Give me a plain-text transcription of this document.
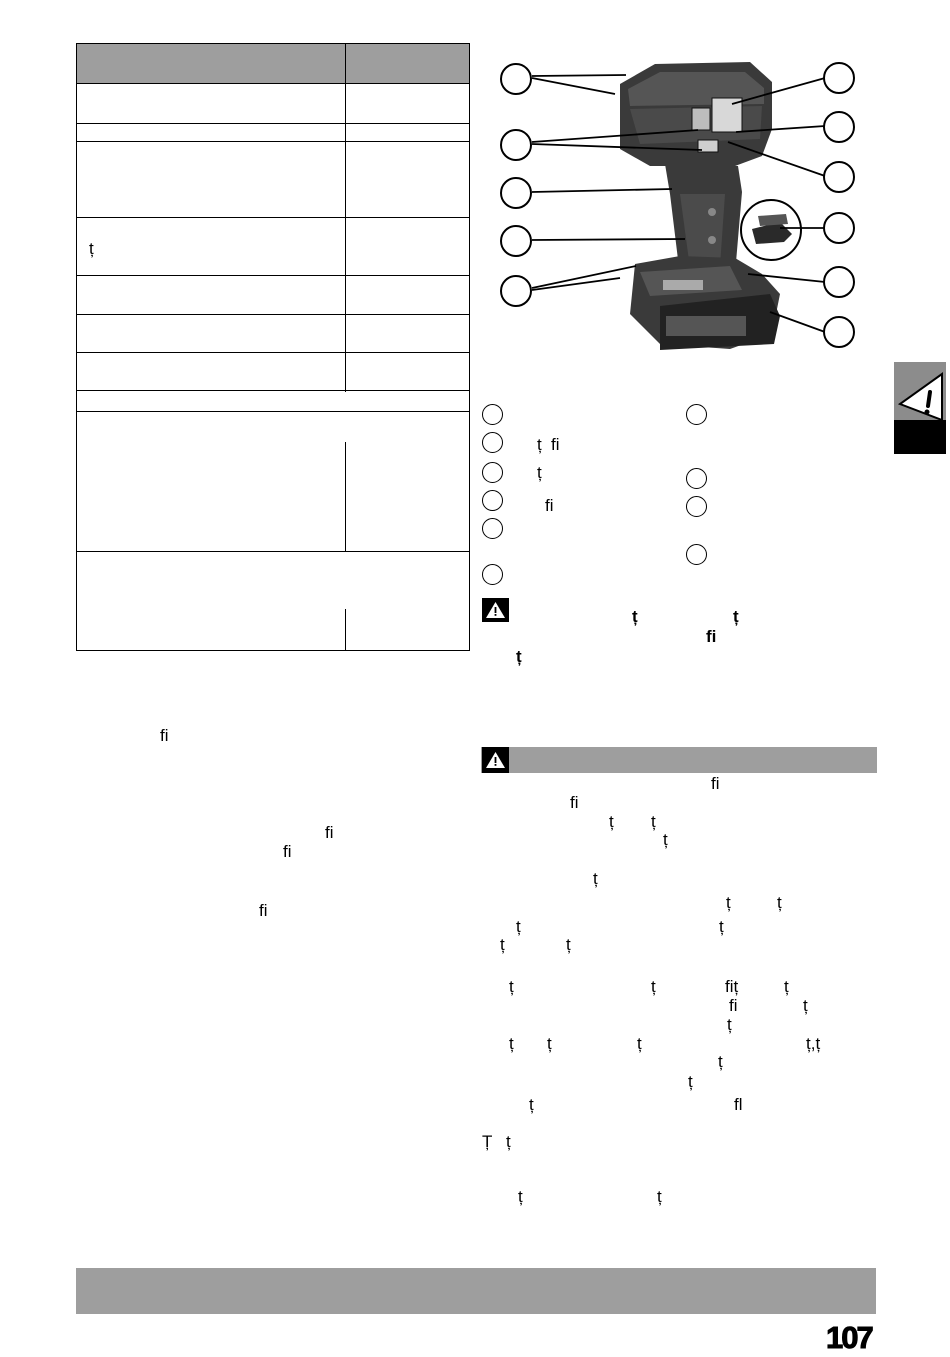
ț
ț ﬁ
ț
ﬁ
ț	ț
ﬁ
ț
ﬁ
ﬁ
ﬁ
ﬁ
ﬁ
ﬁ
ț ț
ț
ț
ț	ț
ț	ț
ț	ț
ț	ț	ﬁț	ț
ﬁ	ț
ț
ț ț	ț
ț
ț,ț
ț
ț
ț
ﬂ
Ț ț
ț
107
